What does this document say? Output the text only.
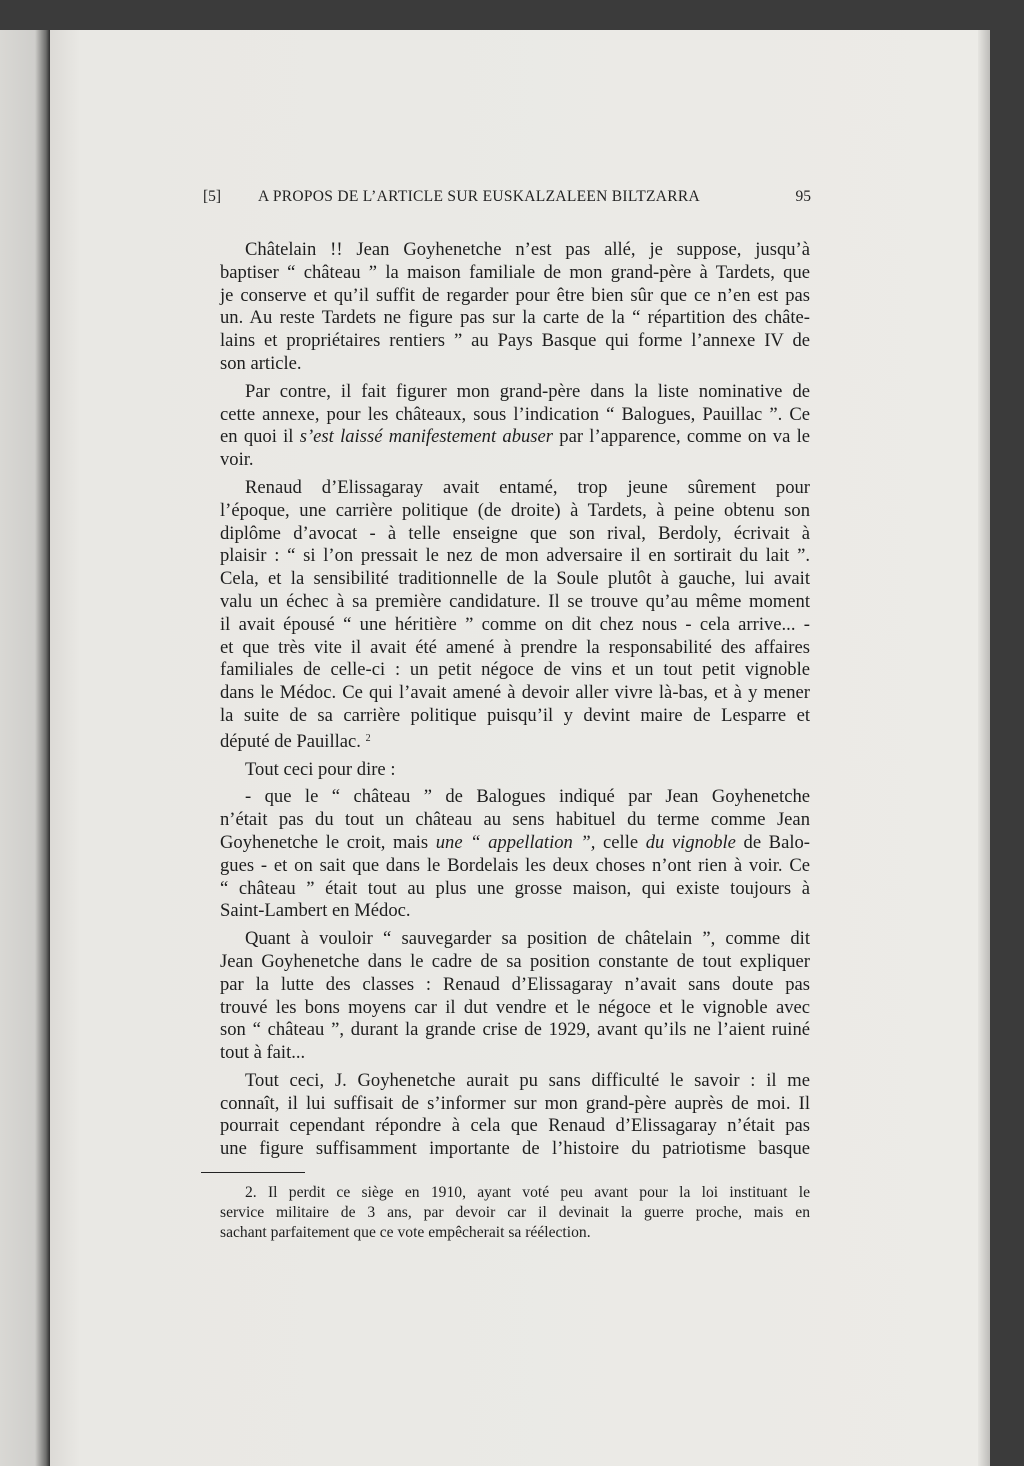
[5] A PROPOS DE L’ARTICLE SUR EUSKALZALEEN BILTZARRA	95
Châtelain !! Jean Goyhenetche n’est pas allé, je suppose, jusqu’à
baptiser “ château ” la maison familiale de mon grand-père à Tardets, que
je conserve et qu’il suffit de regarder pour être bien sûr que ce n’en est pas
un. Au reste Tardets ne figure pas sur la carte de la “ répartition des châte-
lains et propriétaires rentiers ” au Pays Basque qui forme l’annexe IV de
son article.
Par contre, il fait figurer mon grand-père dans la liste nominative de
cette annexe, pour les châteaux, sous l’indication “ Balogues, Pauillac ”. Ce
en quoi il s’est laissé manifestement abuser par l’apparence, comme on va le
voir.
Renaud d’Elissagaray avait entamé, trop jeune sûrement pour
l’époque, une carrière politique (de droite) à Tardets, à peine obtenu son
diplôme d’avocat - à telle enseigne que son rival, Berdoly, écrivait à
plaisir : “ si l’on pressait le nez de mon adversaire il en sortirait du lait ”.
Cela, et la sensibilité traditionnelle de la Soule plutôt à gauche, lui avait
valu un échec à sa première candidature. Il se trouve qu’au même moment
il avait épousé “ une héritière ” comme on dit chez nous - cela arrive... -
et que très vite il avait été amené à prendre la responsabilité des affaires
familiales de celle-ci : un petit négoce de vins et un tout petit vignoble
dans le Médoc. Ce qui l’avait amené à devoir aller vivre là-bas, et à y mener
la suite de sa carrière politique puisqu’il y devint maire de Lesparre et
député de Pauillac. $^2$
Tout ceci pour dire :
- que le “ château ” de Balogues indiqué par Jean Goyhenetche
n’était pas du tout un château au sens habituel du terme comme Jean
Goyhenetche le croit, mais une “ appellation ”, celle du vignoble de Balo-
gues - et on sait que dans le Bordelais les deux choses n’ont rien à voir. Ce
“ château ” était tout au plus une grosse maison, qui existe toujours à
Saint-Lambert en Médoc.
Quant à vouloir “ sauvegarder sa position de châtelain ”, comme dit
Jean Goyhenetche dans le cadre de sa position constante de tout expliquer
par la lutte des classes : Renaud d’Elissagaray n’avait sans doute pas
trouvé les bons moyens car il dut vendre et le négoce et le vignoble avec
son “ château ”, durant la grande crise de 1929, avant qu’ils ne l’aient ruiné
tout à fait...
Tout ceci, J. Goyhenetche aurait pu sans difficulté le savoir : il me
connaît, il lui suffisait de s’informer sur mon grand-père auprès de moi. Il
pourrait cependant répondre à cela que Renaud d’Elissagaray n’était pas
une figure suffisamment importante de l’histoire du patriotisme basque
2. Il perdit ce siège en 1910, ayant voté peu avant pour la loi instituant le
service militaire de 3 ans, par devoir car il devinait la guerre proche, mais en
sachant parfaitement que ce vote empêcherait sa réélection.
